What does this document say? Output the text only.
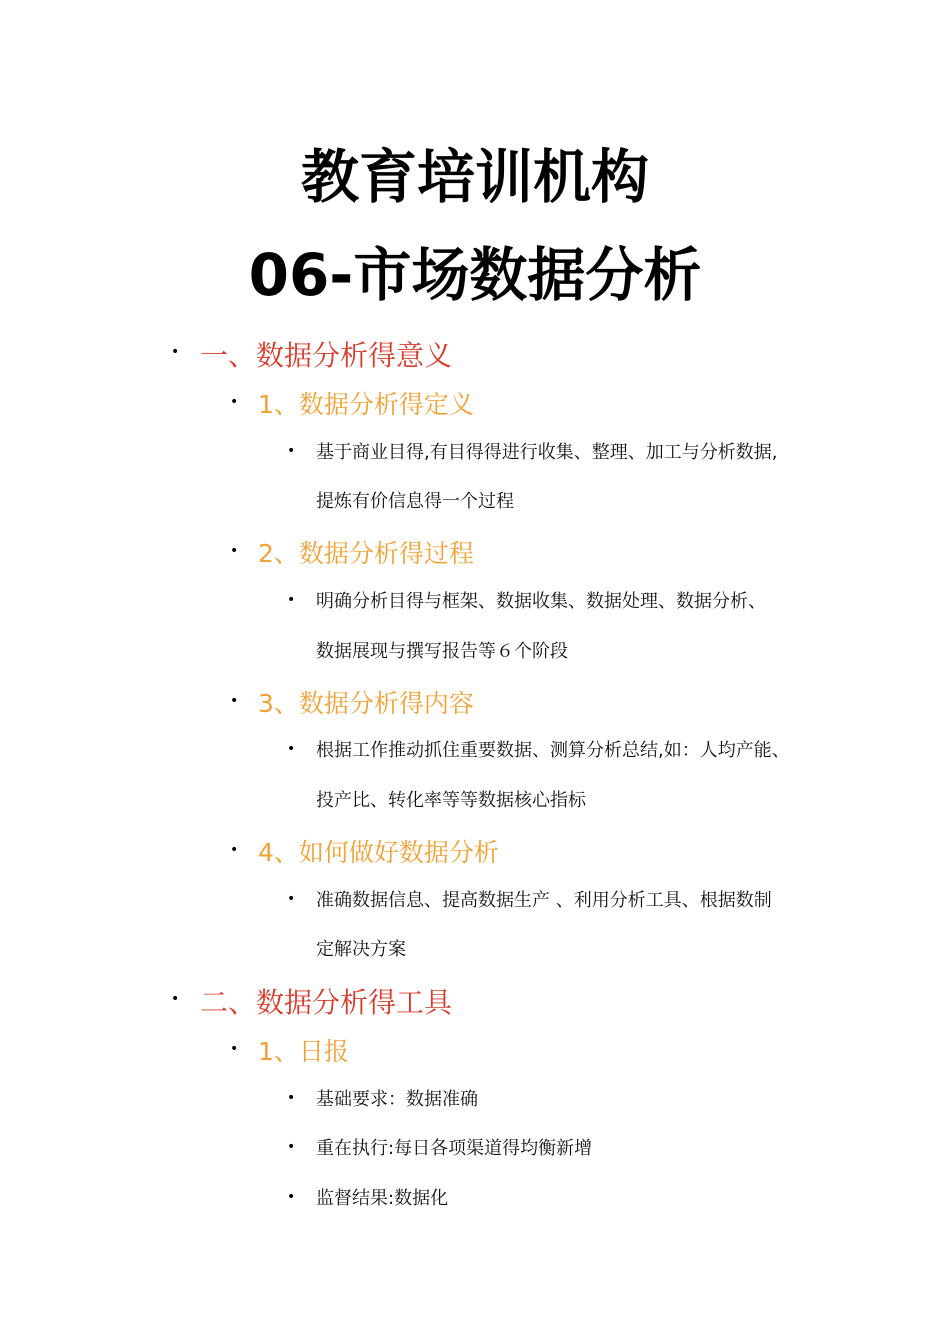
教育培训机构
06-市场数据分析
• 一、数据分析得意义
• 1、数据分析得定义
• 基于商业目得,有目得得进行收集、整理、加工与分析数据,
提炼有价信息得一个过程
• 2、数据分析得过程
• 明确分析目得与框架、数据收集、数据处理、数据分析、
数据展现与撰写报告等６个阶段
• 3、数据分析得内容
• 根据工作推动抓住重要数据、测算分析总结,如：人均产能、
投产比、转化率等等数据核心指标
• 4、如何做好数据分析
• 准确数据信息、提高数据生产 、利用分析工具、根据数制
定解决方案
• 二、数据分析得工具
• 1、日报
• 基础要求：数据准确
• 重在执行:每日各项渠道得均衡新增
• 监督结果:数据化
